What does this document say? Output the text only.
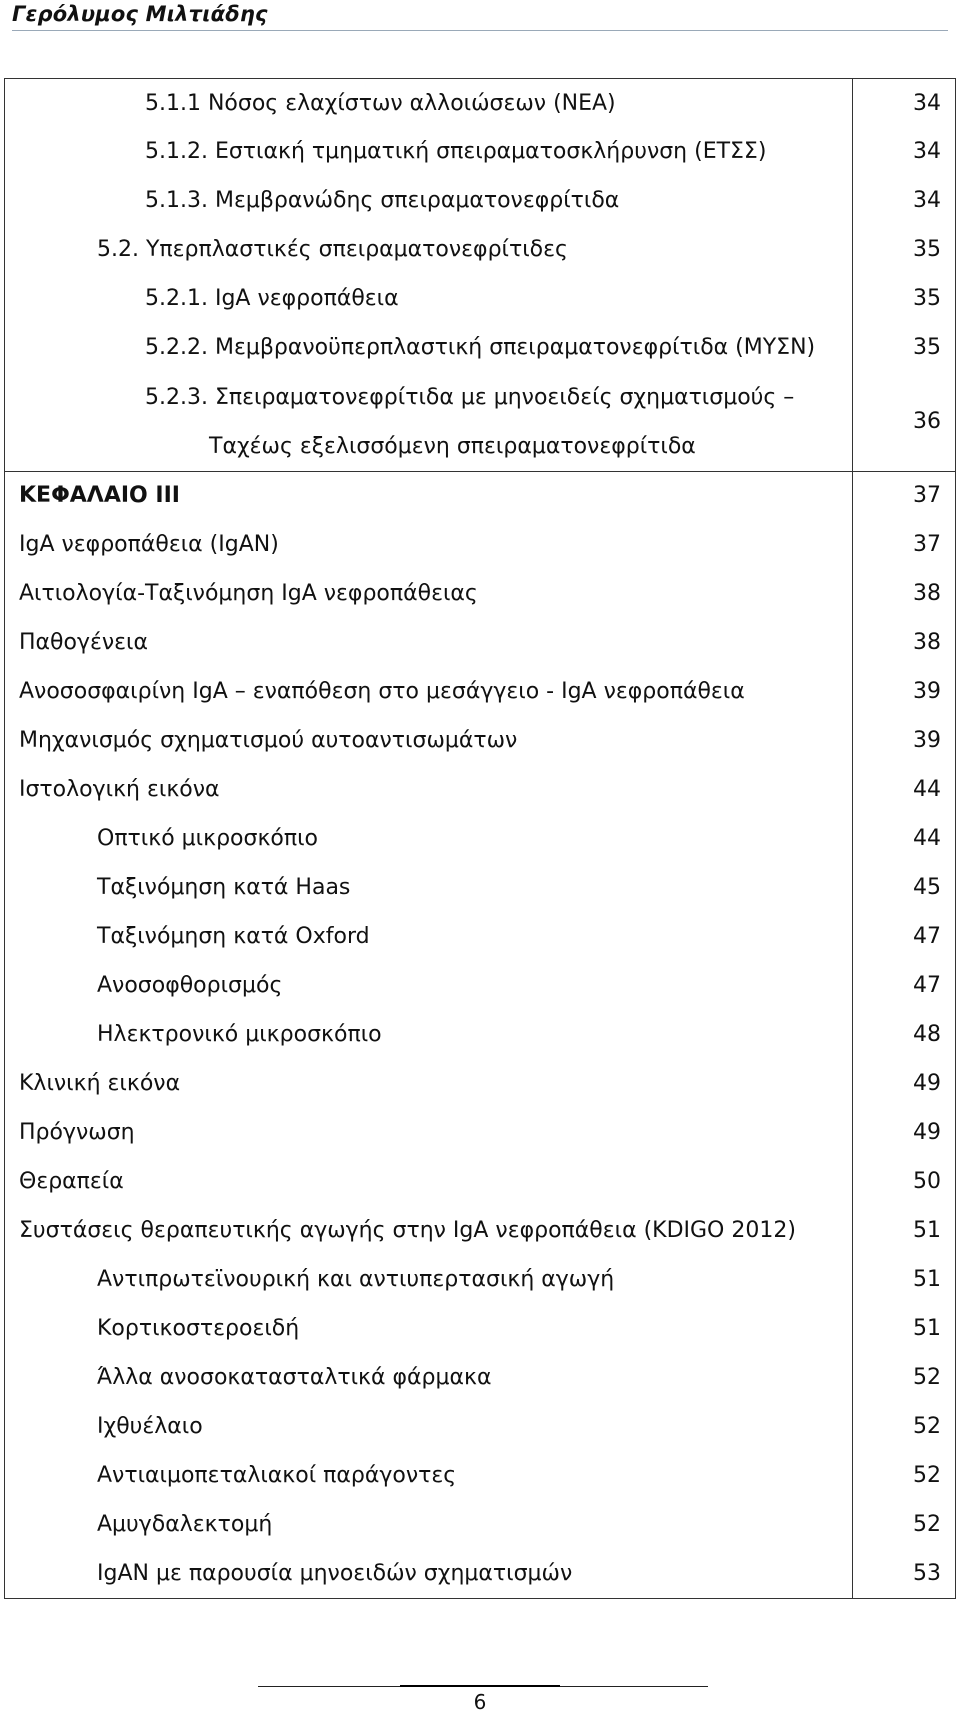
Γερόλυμος Μιλτιάδης
5.1.1 Νόσος ελαχίστων αλλοιώσεων (ΝΕΑ)	34
5.1.2. Εστιακή τμηματική σπειραματοσκλήρυνση (ΕΤΣΣ)	34
5.1.3. Μεμβρανώδης σπειραματονεφρίτιδα	34
5.2. Υπερπλαστικές σπειραματονεφρίτιδες	35
5.2.1. IgA νεφροπάθεια	35
5.2.2. Μεμβρανοϋπερπλαστική σπειραματονεφρίτιδα (ΜΥΣΝ)	35

5.2.3. Σπειραματονεφρίτιδα με μηνοειδείς σχηματισμούς –
Ταχέως εξελισσόμενη σπειραματονεφρίτιδα	36
ΚΕΦΑΛΑΙΟ III	37
IgA νεφροπάθεια (IgAN)	37
Αιτιολογία-Ταξινόμηση IgA νεφροπάθειας	38
Παθογένεια	38
Ανοσοσφαιρίνη IgA – εναπόθεση στο μεσάγγειο - IgA νεφροπάθεια	39
Μηχανισμός σχηματισμού αυτοαντισωμάτων	39
Ιστολογική εικόνα	44
Οπτικό μικροσκόπιο	44
Ταξινόμηση κατά Haas	45
Ταξινόμηση κατά Oxford	47
Ανοσοφθορισμός	47
Ηλεκτρονικό μικροσκόπιο	48
Κλινική εικόνα	49
Πρόγνωση	49
Θεραπεία	50
Συστάσεις θεραπευτικής αγωγής στην IgA νεφροπάθεια (KDIGO 2012)	51
Αντιπρωτεϊνουρική και αντιυπερτασική αγωγή	51
Κορτικοστεροειδή	51
Άλλα ανοσοκατασταλτικά φάρμακα	52
Ιχθυέλαιο	52
Αντιαιμοπεταλιακοί παράγοντες	52
Αμυγδαλεκτομή	52
IgAN με παρουσία μηνοειδών σχηματισμών	53
6
